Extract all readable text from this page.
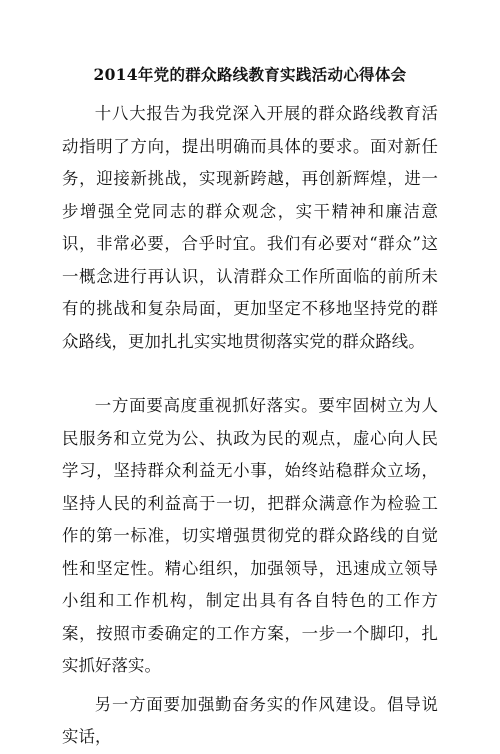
2014年党的群众路线教育实践活动心得体会

十八大报告为我党深入开展的群众路线教育活动指明了方向，提出明确而具体的要求。面对新任务，迎接新挑战，实现新跨越，再创新辉煌，进一步增强全党同志的群众观念，实干精神和廉洁意识，非常必要，合乎时宜。我们有必要对“群众”这一概念进行再认识，认清群众工作所面临的前所未有的挑战和复杂局面，更加坚定不移地坚持党的群众路线，更加扎扎实实地贯彻落实党的群众路线。

一方面要高度重视抓好落实。要牢固树立为人民服务和立党为公、执政为民的观点，虚心向人民学习，坚持群众利益无小事，始终站稳群众立场，坚持人民的利益高于一切，把群众满意作为检验工作的第一标准，切实增强贯彻党的群众路线的自觉性和坚定性。精心组织，加强领导，迅速成立领导小组和工作机构，制定出具有各自特色的工作方案，按照市委确定的工作方案，一步一个脚印，扎实抓好落实。

另一方面要加强勤奋务实的作风建设。倡导说实话，
